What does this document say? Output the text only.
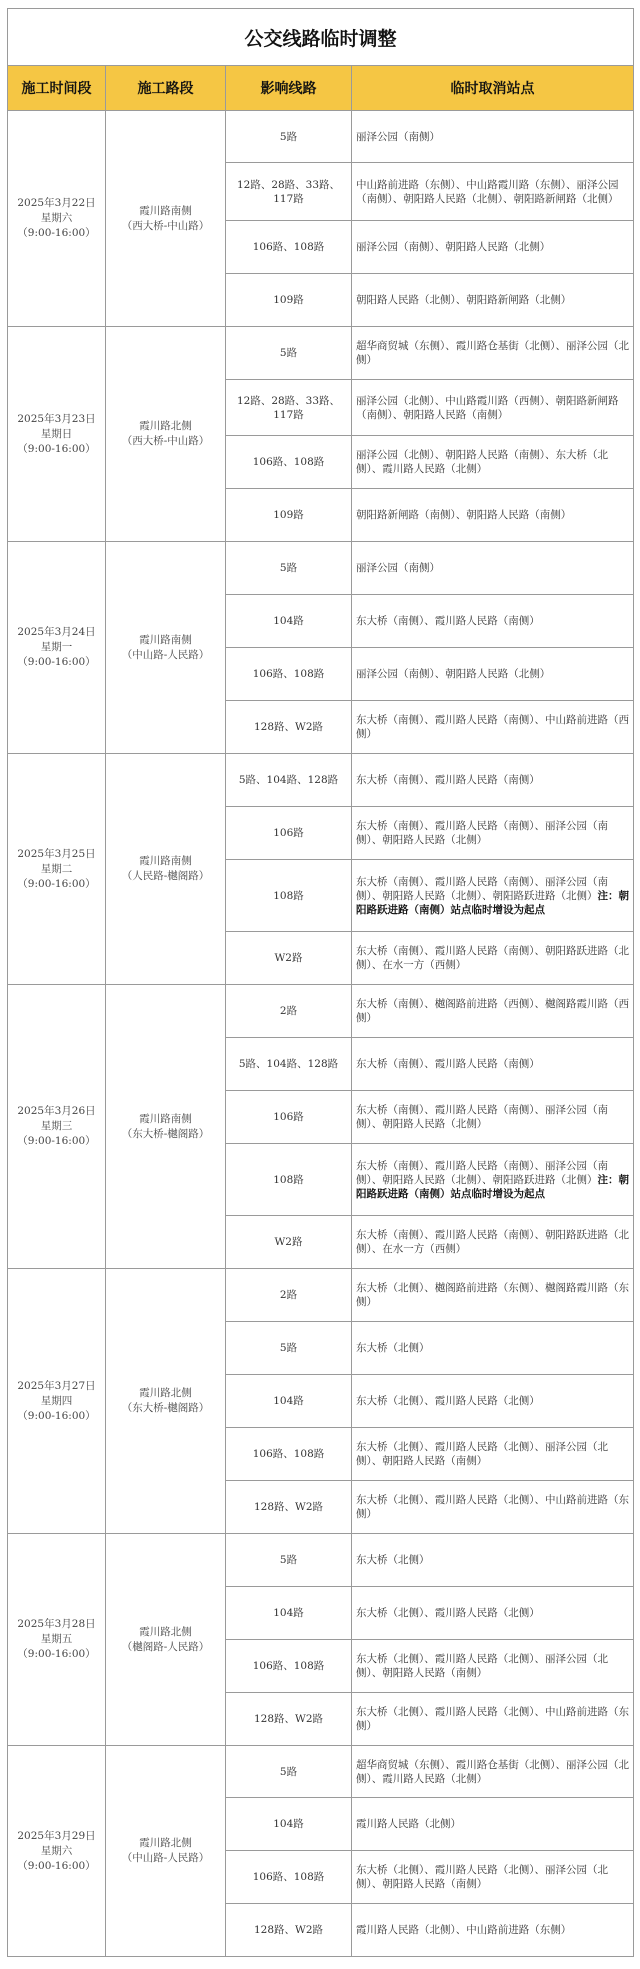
公交线路临时调整			
施工时间段	施工路段	影响线路	临时取消站点

2025年3月22日
星期六
（9:00-16:00）	霞川路南侧
（西大桥-中山路）	5路	丽泽公园（南侧）
		12路、28路、33路、117路	中山路前进路（东侧）、中山路霞川路（东侧）、丽泽公园（南侧）、朝阳路人民路（北侧）、朝阳路新闸路（北侧）
		106路、108路	丽泽公园（南侧）、朝阳路人民路（北侧）
		109路	朝阳路人民路（北侧）、朝阳路新闸路（北侧）

2025年3月23日
星期日
（9:00-16:00）	霞川路北侧
（西大桥-中山路）	5路	超华商贸城（东侧）、霞川路仓基街（北侧）、丽泽公园（北侧）
		12路、28路、33路、117路	丽泽公园（北侧）、中山路霞川路（西侧）、朝阳路新闸路（南侧）、朝阳路人民路（南侧）
		106路、108路	丽泽公园（北侧）、朝阳路人民路（南侧）、东大桥（北侧）、霞川路人民路（北侧）
		109路	朝阳路新闸路（南侧）、朝阳路人民路（南侧）

2025年3月24日
星期一
（9:00-16:00）	霞川路南侧
（中山路-人民路）	5路	丽泽公园（南侧）
		104路	东大桥（南侧）、霞川路人民路（南侧）
		106路、108路	丽泽公园（南侧）、朝阳路人民路（北侧）
		128路、W2路	东大桥（南侧）、霞川路人民路（南侧）、中山路前进路（西侧）

2025年3月25日
星期二
（9:00-16:00）	霞川路南侧
（人民路-樾阁路）	5路、104路、128路	东大桥（南侧）、霞川路人民路（南侧）
		106路	东大桥（南侧）、霞川路人民路（南侧）、丽泽公园（南侧）、朝阳路人民路（北侧）
		108路	东大桥（南侧）、霞川路人民路（南侧）、丽泽公园（南侧）、朝阳路人民路（北侧）、朝阳路跃进路（北侧）注：朝阳路跃进路（南侧）站点临时增设为起点
		W2路	东大桥（南侧）、霞川路人民路（南侧）、朝阳路跃进路（北侧）、在水一方（西侧）

2025年3月26日
星期三
（9:00-16:00）	霞川路南侧
（东大桥-樾阁路）	2路	东大桥（南侧）、樾阁路前进路（西侧）、樾阁路霞川路（西侧）
		5路、104路、128路	东大桥（南侧）、霞川路人民路（南侧）
		106路	东大桥（南侧）、霞川路人民路（南侧）、丽泽公园（南侧）、朝阳路人民路（北侧）
		108路	东大桥（南侧）、霞川路人民路（南侧）、丽泽公园（南侧）、朝阳路人民路（北侧）、朝阳路跃进路（北侧）注：朝阳路跃进路（南侧）站点临时增设为起点
		W2路	东大桥（南侧）、霞川路人民路（南侧）、朝阳路跃进路（北侧）、在水一方（西侧）

2025年3月27日
星期四
（9:00-16:00）	霞川路北侧
（东大桥-樾阁路）	2路	东大桥（北侧）、樾阁路前进路（东侧）、樾阁路霞川路（东侧）
		5路	东大桥（北侧）
		104路	东大桥（北侧）、霞川路人民路（北侧）
		106路、108路	东大桥（北侧）、霞川路人民路（北侧）、丽泽公园（北侧）、朝阳路人民路（南侧）
		128路、W2路	东大桥（北侧）、霞川路人民路（北侧）、中山路前进路（东侧）

2025年3月28日
星期五
（9:00-16:00）	霞川路北侧
（樾阁路-人民路）	5路	东大桥（北侧）
		104路	东大桥（北侧）、霞川路人民路（北侧）
		106路、108路	东大桥（北侧）、霞川路人民路（北侧）、丽泽公园（北侧）、朝阳路人民路（南侧）
		128路、W2路	东大桥（北侧）、霞川路人民路（北侧）、中山路前进路（东侧）

2025年3月29日
星期六
（9:00-16:00）	霞川路北侧
（中山路-人民路）	5路	超华商贸城（东侧）、霞川路仓基街（北侧）、丽泽公园（北侧）、霞川路人民路（北侧）
		104路	霞川路人民路（北侧）
		106路、108路	东大桥（北侧）、霞川路人民路（北侧）、丽泽公园（北侧）、朝阳路人民路（南侧）
		128路、W2路	霞川路人民路（北侧）、中山路前进路（东侧）
